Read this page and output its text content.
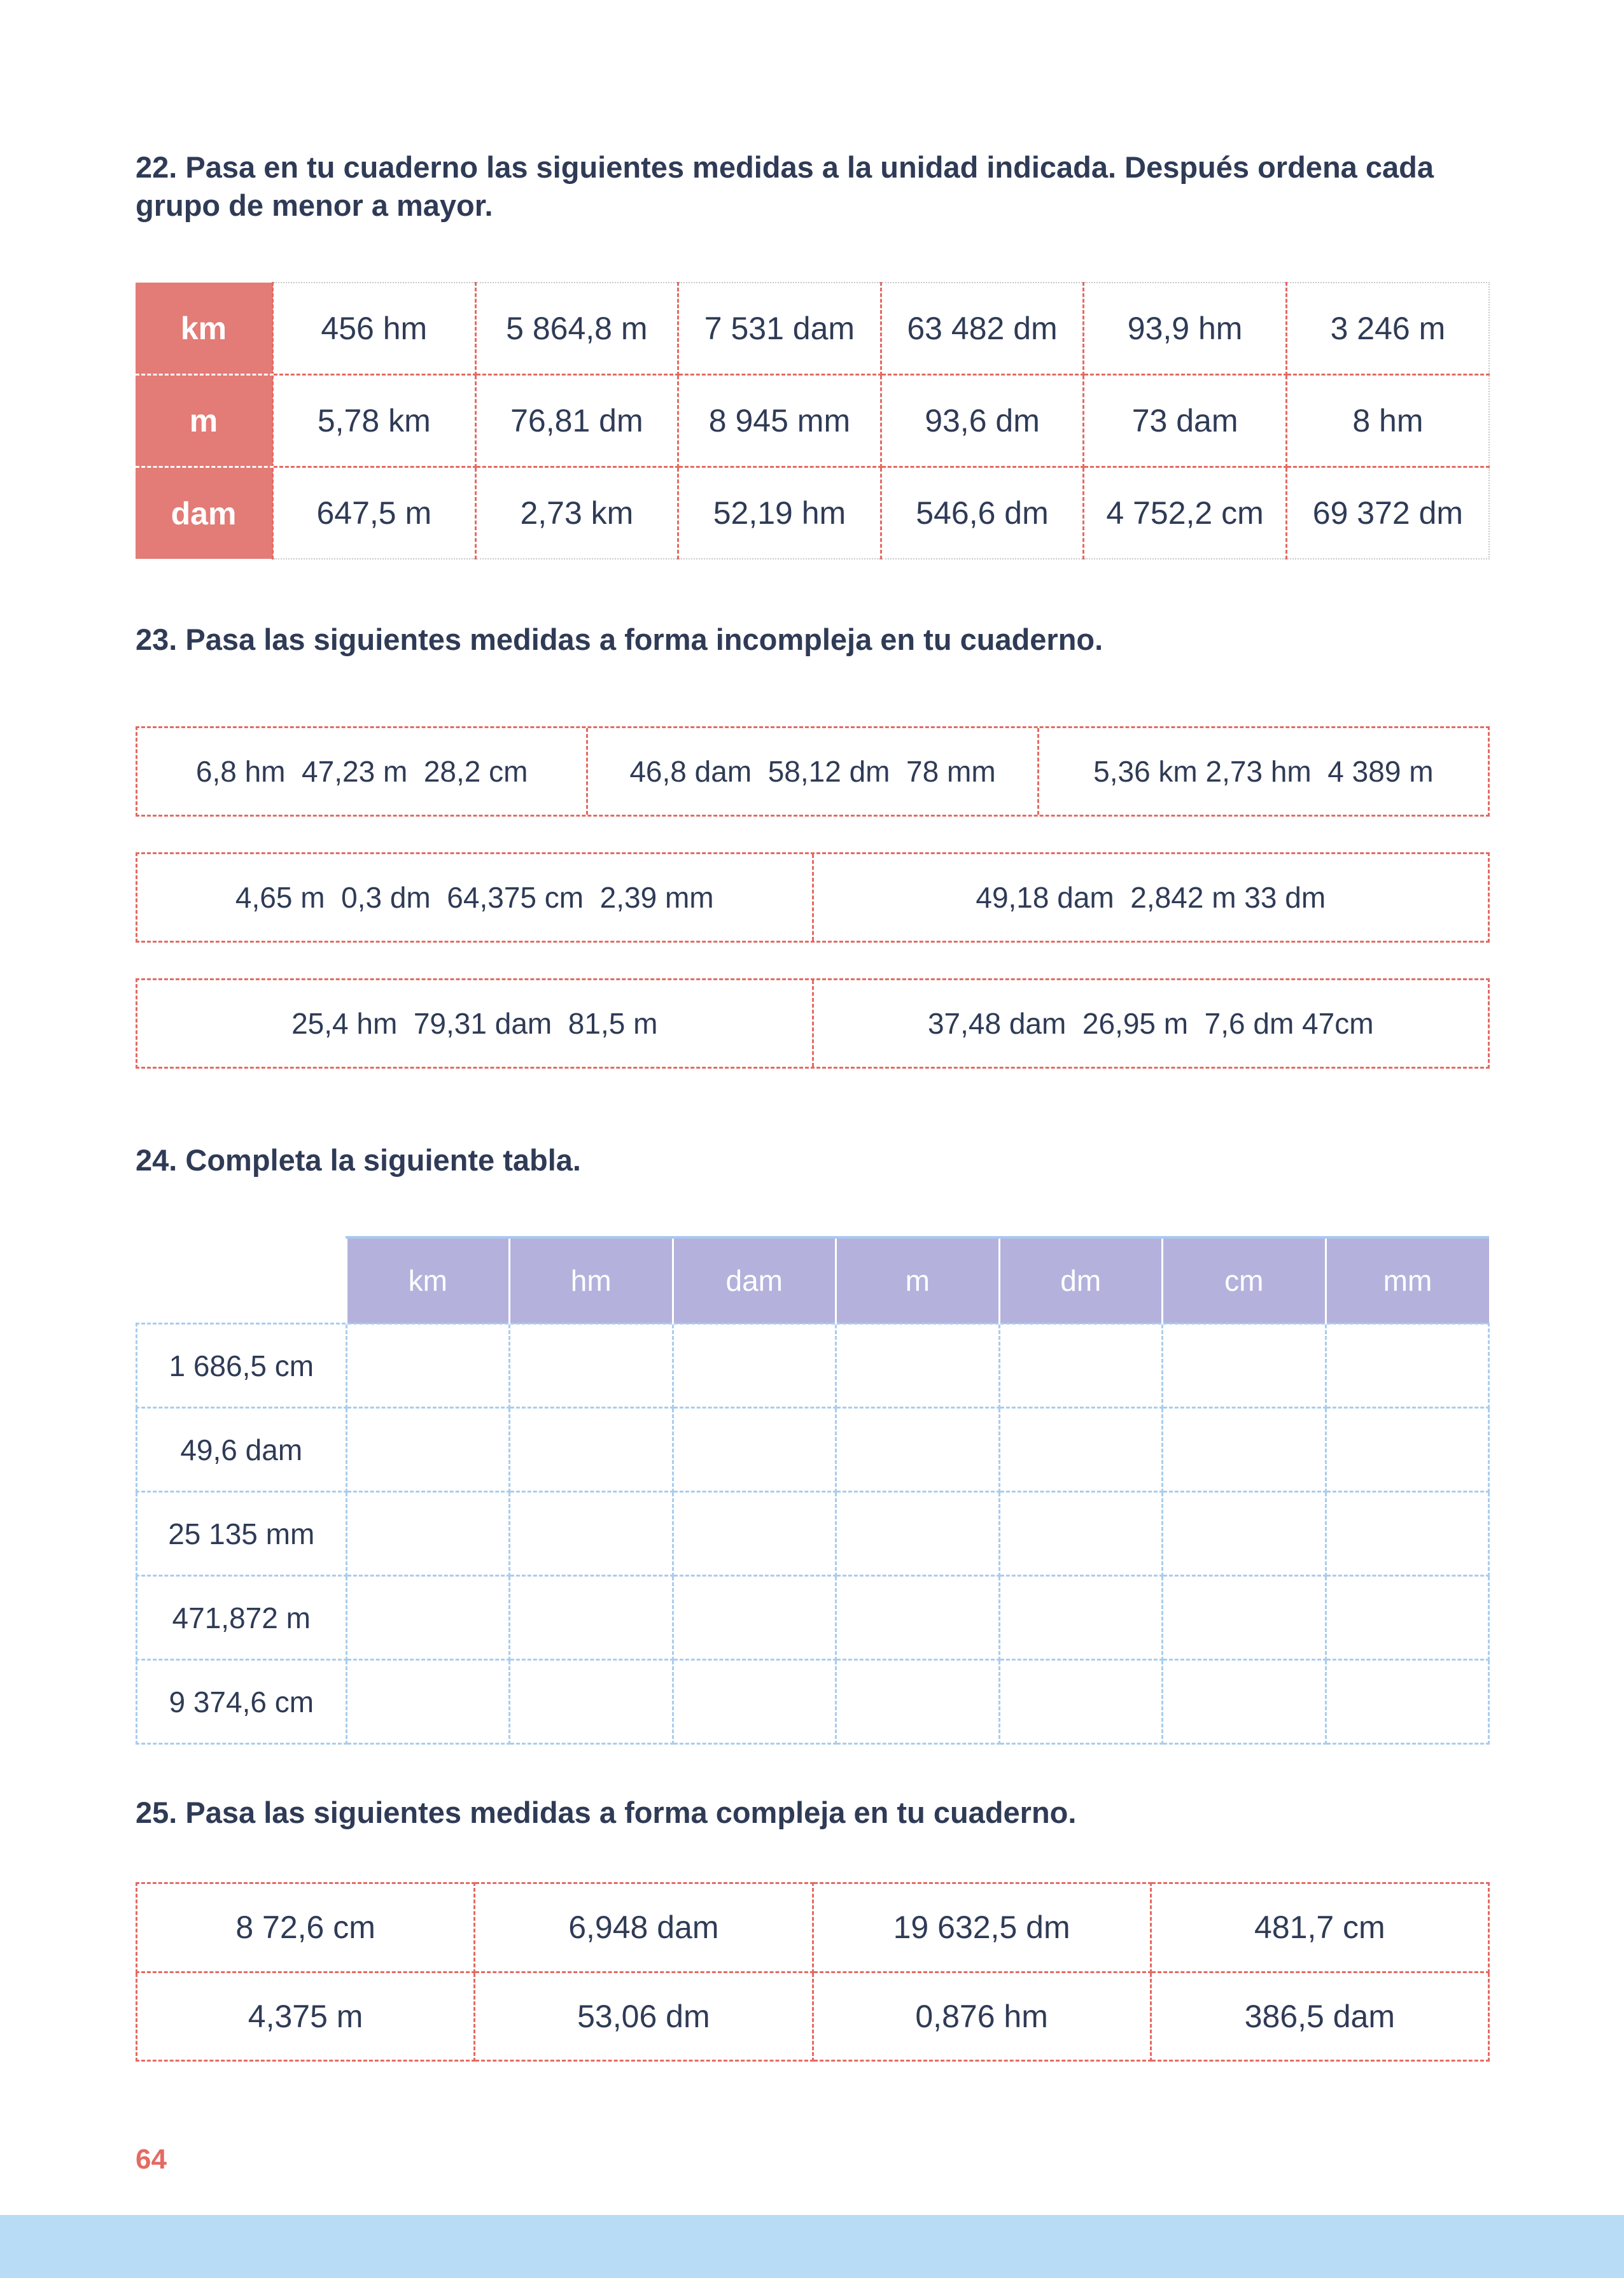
22. Pasa en tu cuaderno las siguientes medidas a la unidad indicada. Después ordena cada grupo de menor a mayor.
km	456 hm	5 864,8 m	7 531 dam	63 482 dm	93,9 hm	3 246 m
m	5,78 km	76,81 dm	8 945 mm	93,6 dm	73 dam	8 hm
dam	647,5 m	2,73 km	52,19 hm	546,6 dm	4 752,2 cm	69 372 dm
23. Pasa las siguientes medidas a forma incompleja en tu cuaderno.
6,8 hm  47,23 m  28,2 cm	46,8 dam  58,12 dm  78 mm	5,36 km 2,73 hm  4 389 m
4,65 m  0,3 dm  64,375 cm  2,39 mm	49,18 dam  2,842 m 33 dm
25,4 hm  79,31 dam  81,5 m	37,48 dam  26,95 m  7,6 dm 47cm
24. Completa la siguiente tabla.
	km	hm	dam	m	dm	cm	mm
1 686,5 cm							
49,6 dam							
25 135 mm							
471,872 m							
9 374,6 cm							
25. Pasa las siguientes medidas a forma compleja en tu cuaderno.
8 72,6 cm	6,948 dam	19 632,5 dm	481,7 cm
4,375 m	53,06 dm	0,876 hm	386,5 dam
64
